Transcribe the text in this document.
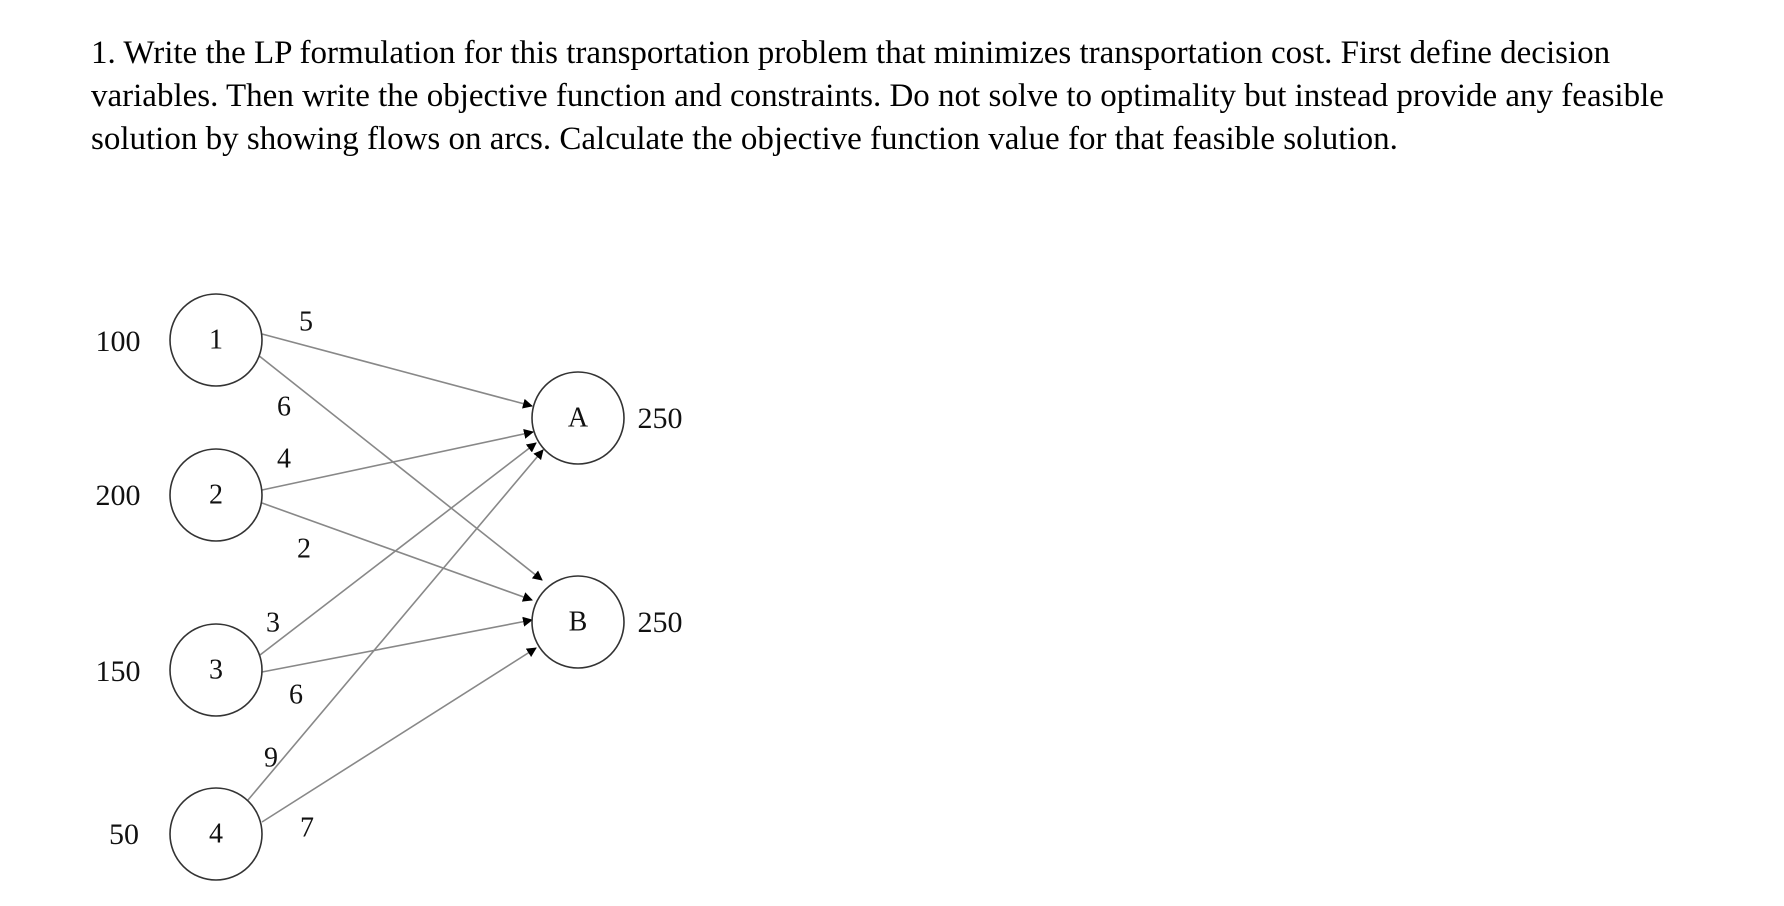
1. Write the LP formulation for this transportation problem that minimizes transportation cost. First define decision variables. Then write the objective function and constraints. Do not solve to optimality but instead provide any feasible solution by showing flows on arcs. Calculate the objective function value for that feasible solution.

5
6
4
2
3
6
9
7
1
100
2
200
3
150
4
50
A 250
B 250
